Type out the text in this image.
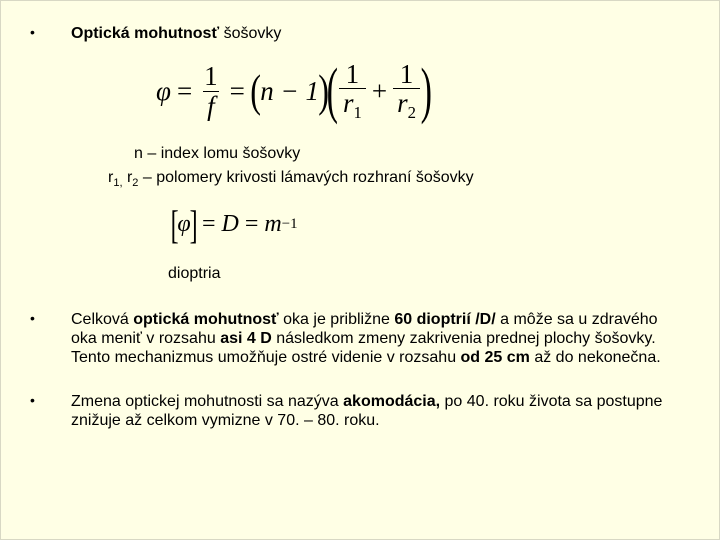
• Optická mohutnosť šošovky
$\varphi = \frac{1}{f}$ = ( n − 1 )
( $\frac{1}{r_1} + \frac{1}{r_2}$ )
n – index lomu šošovky
$r_{1,}$ $r_2$ – polomery krivosti lámavých rozhraní šošovky
[
φ
] = D = m −1
dioptria
• Celková optická mohutnosť oka je približne 60 dioptrií /D/ a môže sa u zdravého oka meniť v rozsahu asi 4 D následkom zmeny zakrivenia prednej plochy šošovky. Tento mechanizmus umožňuje ostré videnie v rozsahu od 25 cm až do nekonečna.

• Zmena optickej mohutnosti sa nazýva akomodácia, po 40. roku života sa postupne znižuje až celkom vymizne v 70. – 80. roku.
